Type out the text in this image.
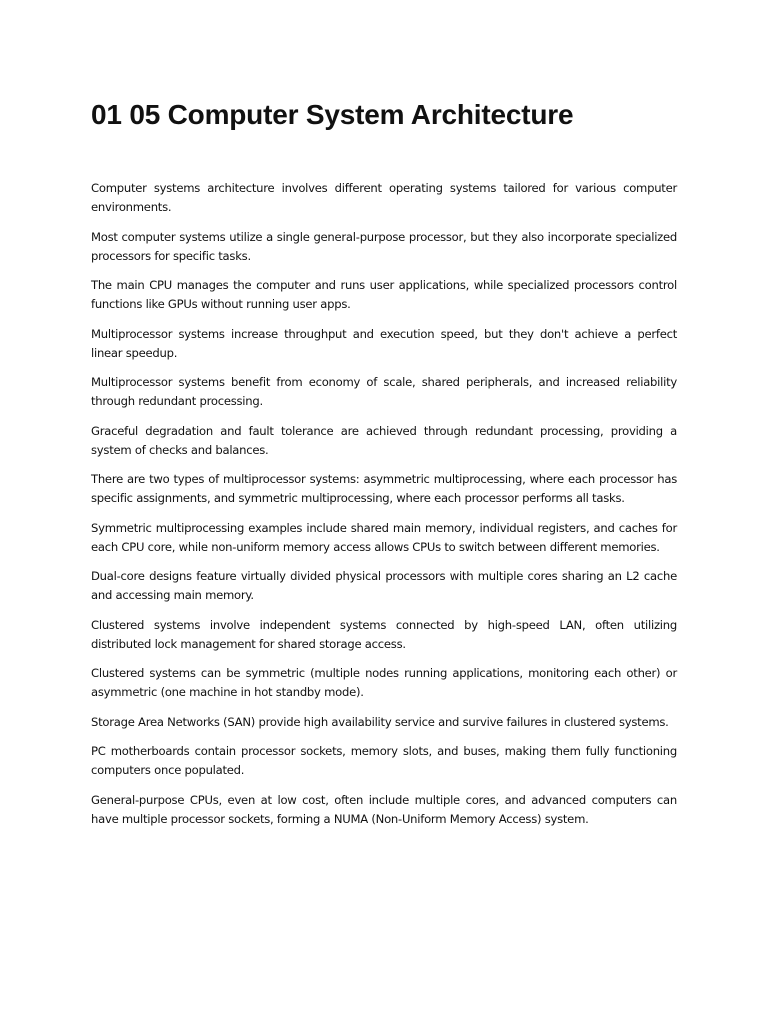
01 05 Computer System Architecture

Computer systems architecture involves different operating systems tailored for various computer environments.

Most computer systems utilize a single general-purpose processor, but they also incorporate specialized processors for specific tasks.

The main CPU manages the computer and runs user applications, while specialized processors control functions like GPUs without running user apps.

Multiprocessor systems increase throughput and execution speed, but they don't achieve a perfect linear speedup.

Multiprocessor systems benefit from economy of scale, shared peripherals, and increased reliability through redundant processing.

Graceful degradation and fault tolerance are achieved through redundant processing, providing a system of checks and balances.

There are two types of multiprocessor systems: asymmetric multiprocessing, where each processor has specific assignments, and symmetric multiprocessing, where each processor performs all tasks.

Symmetric multiprocessing examples include shared main memory, individual registers, and caches for each CPU core, while non-uniform memory access allows CPUs to switch between different memories.

Dual-core designs feature virtually divided physical processors with multiple cores sharing an L2 cache and accessing main memory.

Clustered systems involve independent systems connected by high-speed LAN, often utilizing distributed lock management for shared storage access.

Clustered systems can be symmetric (multiple nodes running applications, monitoring each other) or asymmetric (one machine in hot standby mode).

Storage Area Networks (SAN) provide high availability service and survive failures in clustered systems.

PC motherboards contain processor sockets, memory slots, and buses, making them fully functioning computers once populated.

General-purpose CPUs, even at low cost, often include multiple cores, and advanced computers can have multiple processor sockets, forming a NUMA (Non-Uniform Memory Access) system.
